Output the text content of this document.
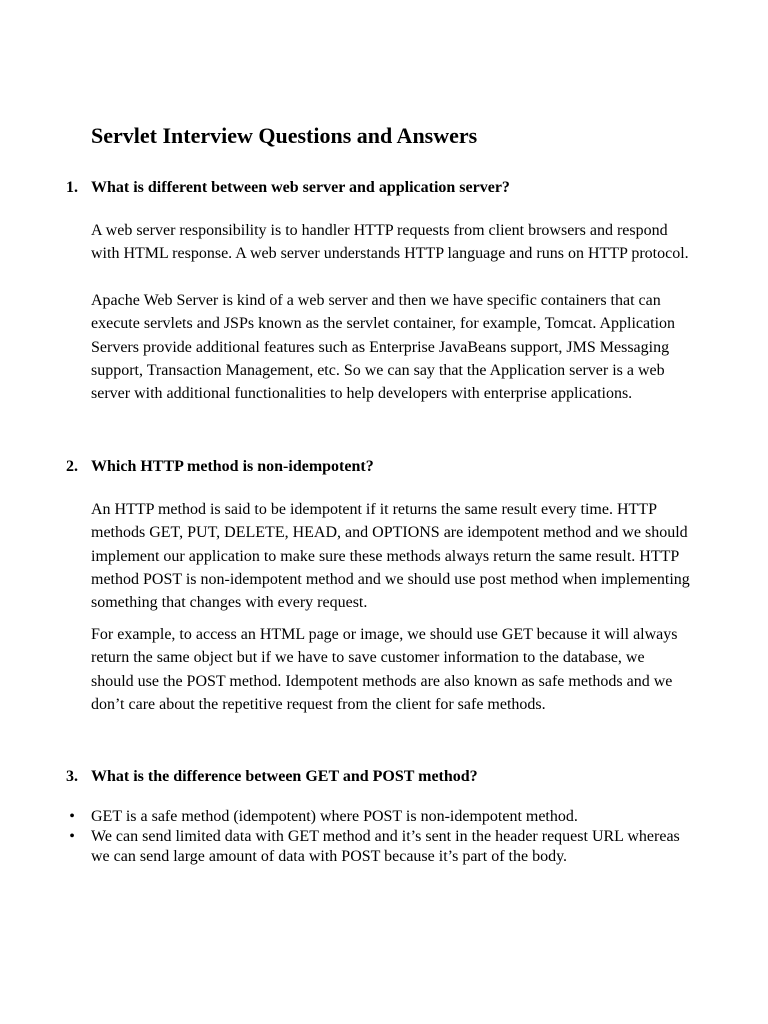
Servlet Interview Questions and Answers
1. What is different between web server and application server?

A web server responsibility is to handler HTTP requests from client browsers and respond with HTML response. A web server understands HTTP language and runs on HTTP protocol.

Apache Web Server is kind of a web server and then we have specific containers that can execute servlets and JSPs known as the servlet container, for example, Tomcat. Application Servers provide additional features such as Enterprise JavaBeans support, JMS Messaging support, Transaction Management, etc. So we can say that the Application server is a web server with additional functionalities to help developers with enterprise applications.

2. Which HTTP method is non-idempotent?

An HTTP method is said to be idempotent if it returns the same result every time. HTTP methods GET, PUT, DELETE, HEAD, and OPTIONS are idempotent method and we should implement our application to make sure these methods always return the same result. HTTP method POST is non-idempotent method and we should use post method when implementing something that changes with every request.

For example, to access an HTML page or image, we should use GET because it will always return the same object but if we have to save customer information to the database, we should use the POST method. Idempotent methods are also known as safe methods and we don’t care about the repetitive request from the client for safe methods.

3. What is the difference between GET and POST method?
• GET is a safe method (idempotent) where POST is non-idempotent method.
• We can send limited data with GET method and it’s sent in the header request URL whereas we can send large amount of data with POST because it’s part of the body.
